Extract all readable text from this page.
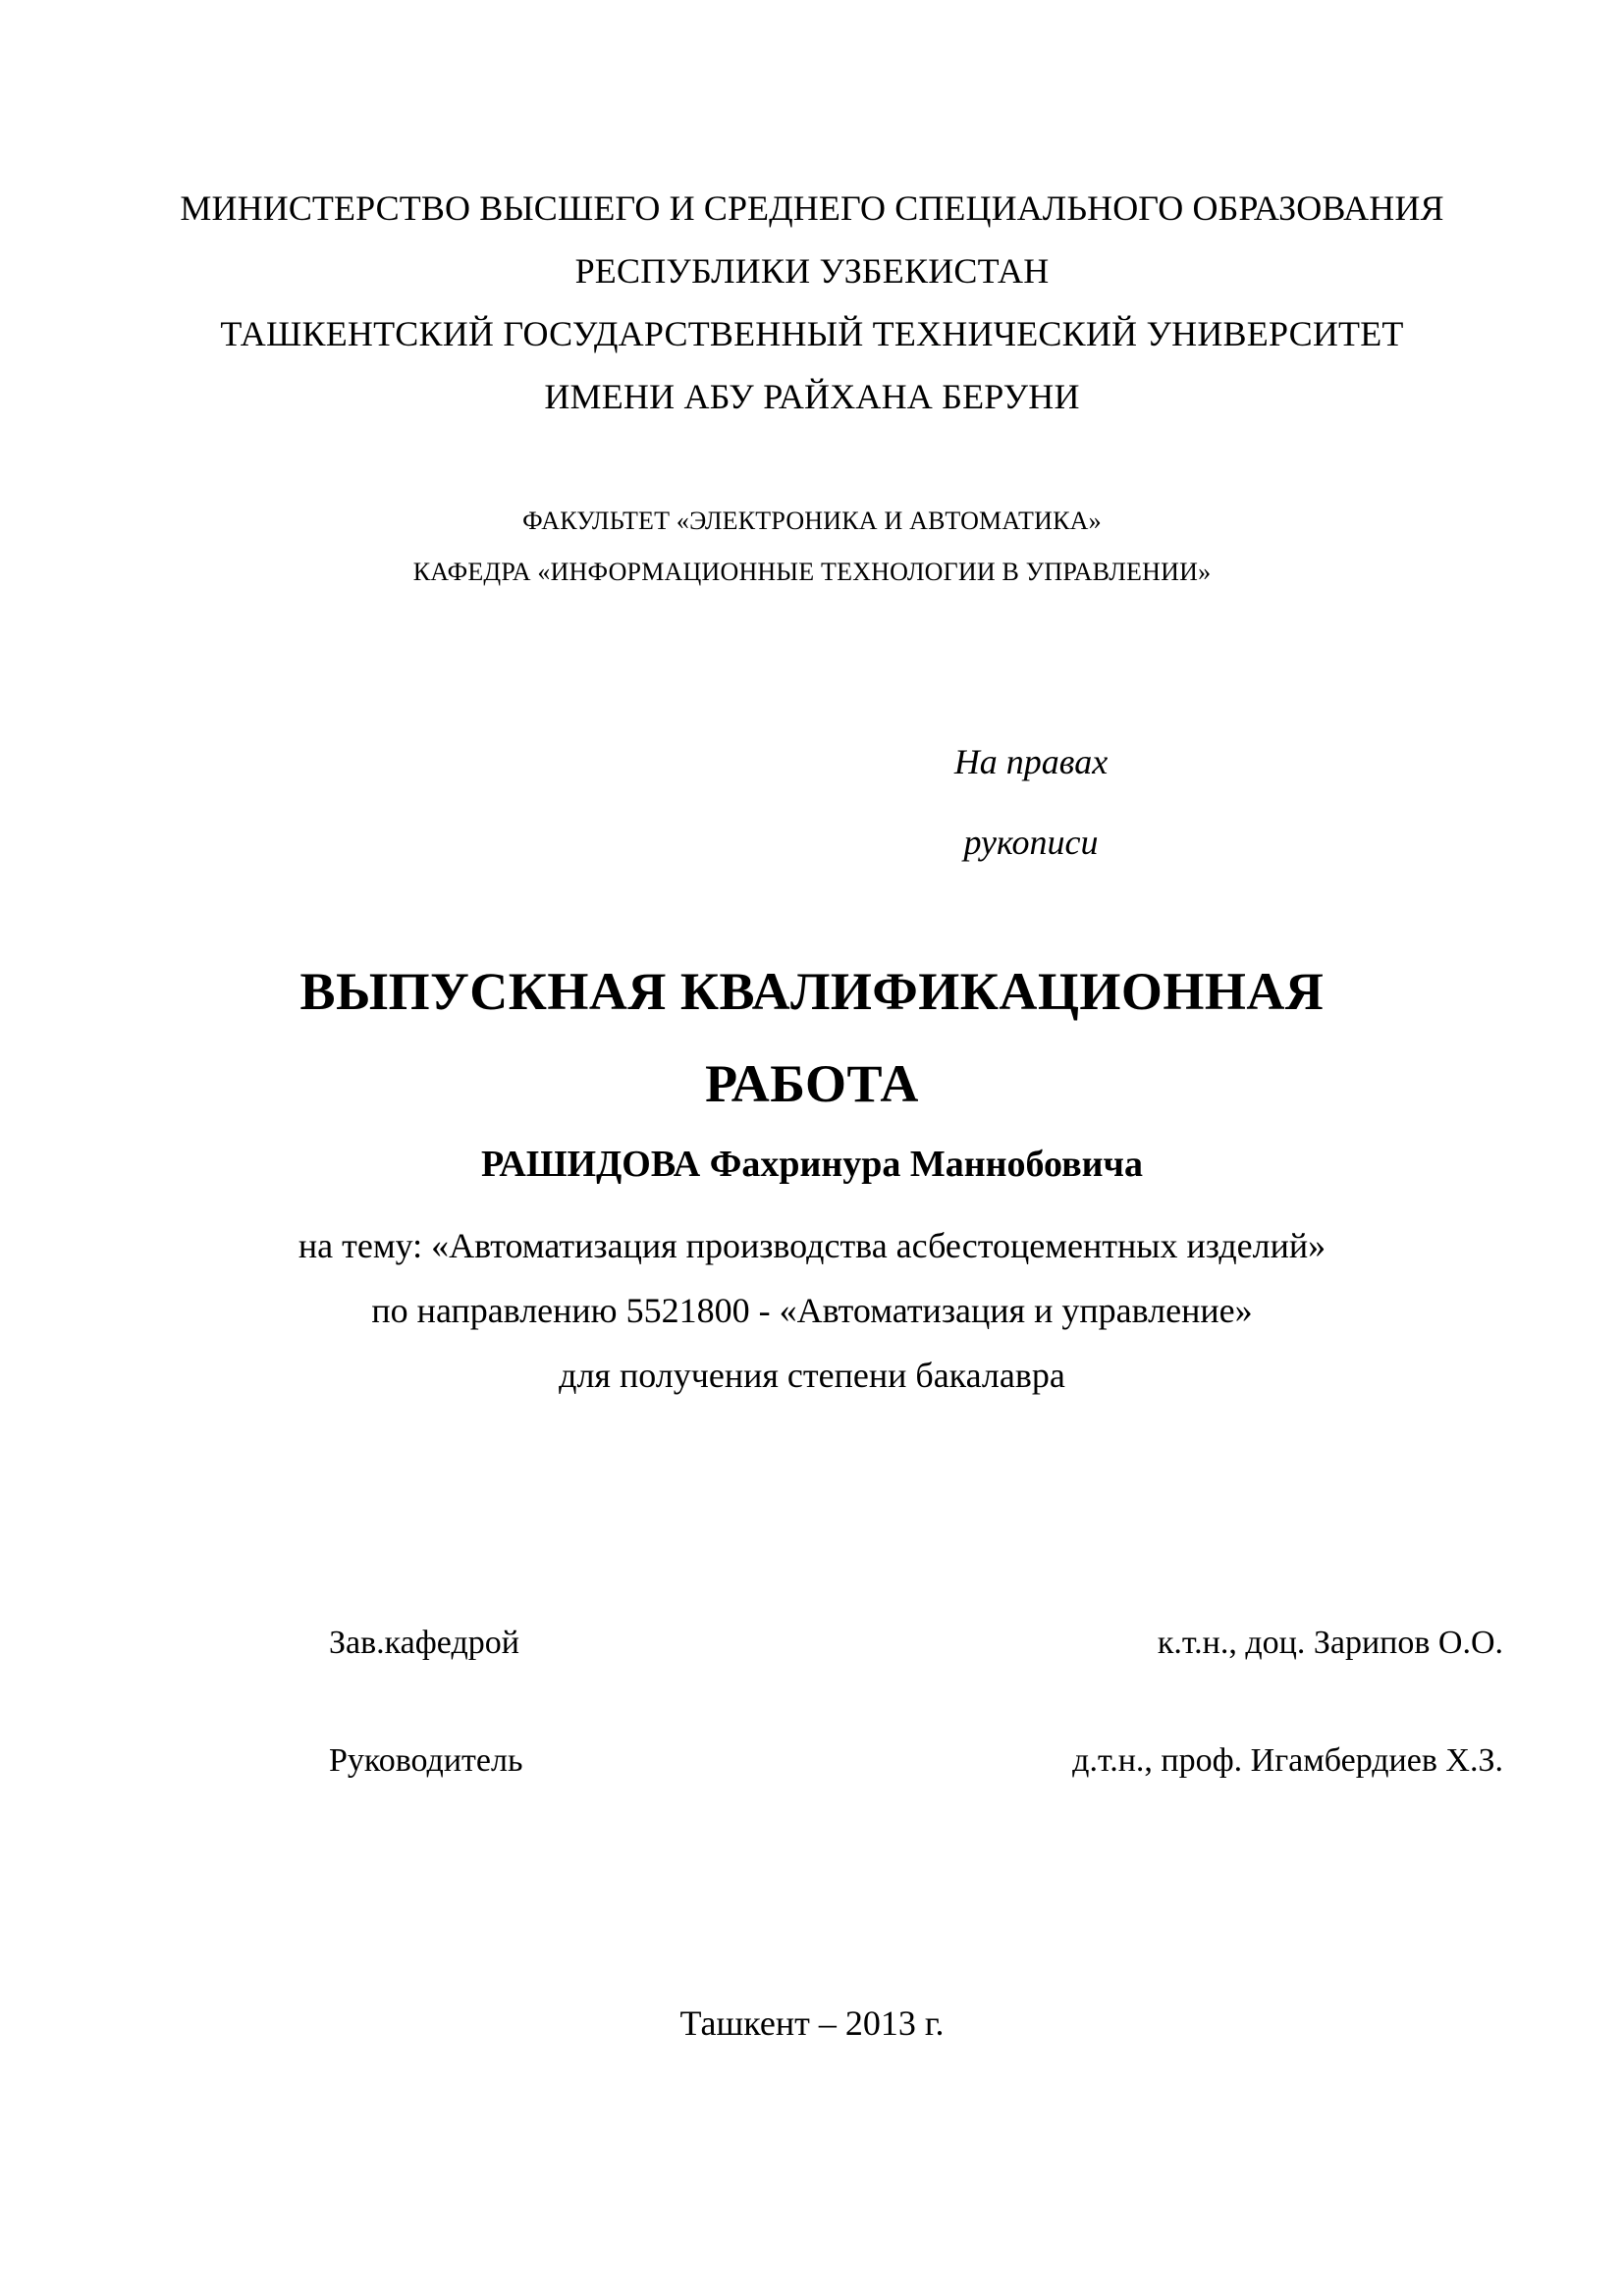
МИНИСТЕРСТВО ВЫСШЕГО И СРЕДНЕГО СПЕЦИАЛЬНОГО ОБРАЗОВАНИЯ
РЕСПУБЛИКИ УЗБЕКИСТАН
ТАШКЕНТСКИЙ ГОСУДАРСТВЕННЫЙ ТЕХНИЧЕСКИЙ УНИВЕРСИТЕТ
ИМЕНИ АБУ РАЙХАНА БЕРУНИ
ФАКУЛЬТЕТ «ЭЛЕКТРОНИКА И АВТОМАТИКА»
КАФЕДРА «ИНФОРМАЦИОННЫЕ ТЕХНОЛОГИИ В УПРАВЛЕНИИ»
На правах
рукописи
ВЫПУСКНАЯ КВАЛИФИКАЦИОННАЯ
РАБОТА
РАШИДОВА Фахринура Маннобовича
на тему: «Автоматизация производства асбестоцементных изделий»
по направлению 5521800 - «Автоматизация и управление»
для получения степени бакалавра
Зав.кафедрой	к.т.н., доц. Зарипов О.О.
Руководитель	д.т.н., проф. Игамбердиев Х.З.
Ташкент – 2013 г.
